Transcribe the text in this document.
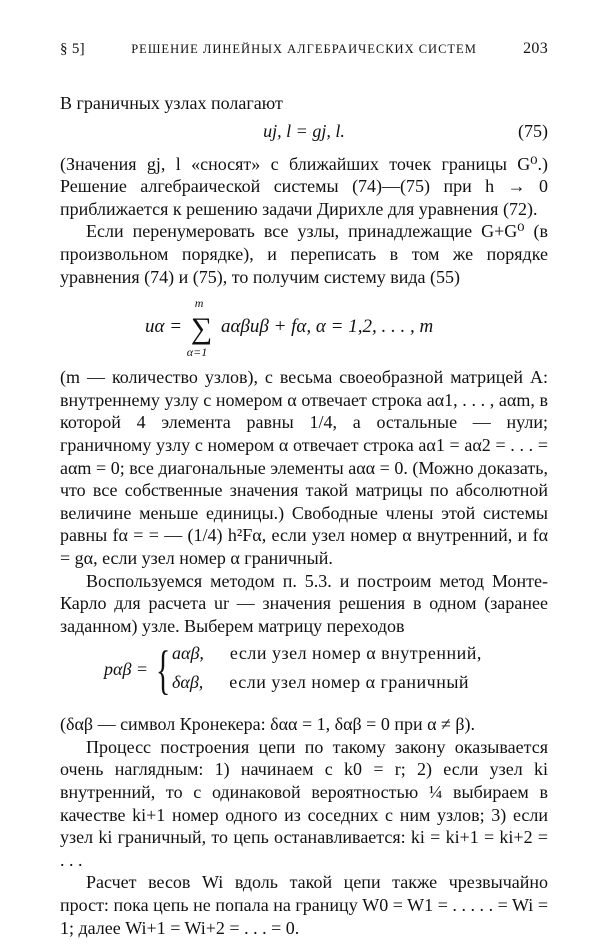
§ 5]	РЕШЕНИЕ ЛИНЕЙНЫХ АЛГЕБРАИЧЕСКИХ СИСТЕМ	203

В граничных узлах полагают

uj, l = gj, l.	(75)

(Значения gj, l «сносят» с ближайших точек границы G⁰.) Решение алгебраической системы (74)—(75) при h → 0 приближается к решению задачи Дирихле для уравнения (72).

Если перенумеровать все узлы, принадлежащие G+G⁰ (в произвольном порядке), и переписать в том же порядке уравнения (74) и (75), то получим систему вида (55)

uα = ∑
m
α=1
aαβuβ + fα, α = 1,2, . . . , m

(m — количество узлов), с весьма своеобразной матрицей A: внутреннему узлу с номером α отвечает строка aα1, . . . , aαm, в которой 4 элемента равны 1/4, а остальные — нули; граничному узлу с номером α отвечает строка aα1 = aα2 = . . . = aαm = 0; все диагональные элементы aαα = 0. (Можно доказать, что все собственные значения такой матрицы по абсолютной величине меньше единицы.) Свободные члены этой системы равны fα = = — (1/4) h²Fα, если узел номер α внутренний, и fα = gα, если узел номер α граничный.

Воспользуемся методом п. 5.3. и построим метод Монте-Карло для расчета ur — значения решения в одном (заранее заданном) узле. Выберем матрицу переходов

pαβ = { aαβ, если узел номер α внутренний,
δαβ, если узел номер α граничный

(δαβ — символ Кронекера: δαα = 1, δαβ = 0 при α ≠ β).

Процесс построения цепи по такому закону оказывается очень наглядным: 1) начинаем с k0 = r; 2) если узел ki внутренний, то с одинаковой вероятностью ¼ выбираем в качестве ki+1 номер одного из соседних с ним узлов; 3) если узел ki граничный, то цепь останавливается: ki = ki+1 = ki+2 = . . .

Расчет весов Wi вдоль такой цепи также чрезвычайно прост: пока цепь не попала на границу W0 = W1 = . . . . . = Wi = 1; далее Wi+1 = Wi+2 = . . . = 0.
